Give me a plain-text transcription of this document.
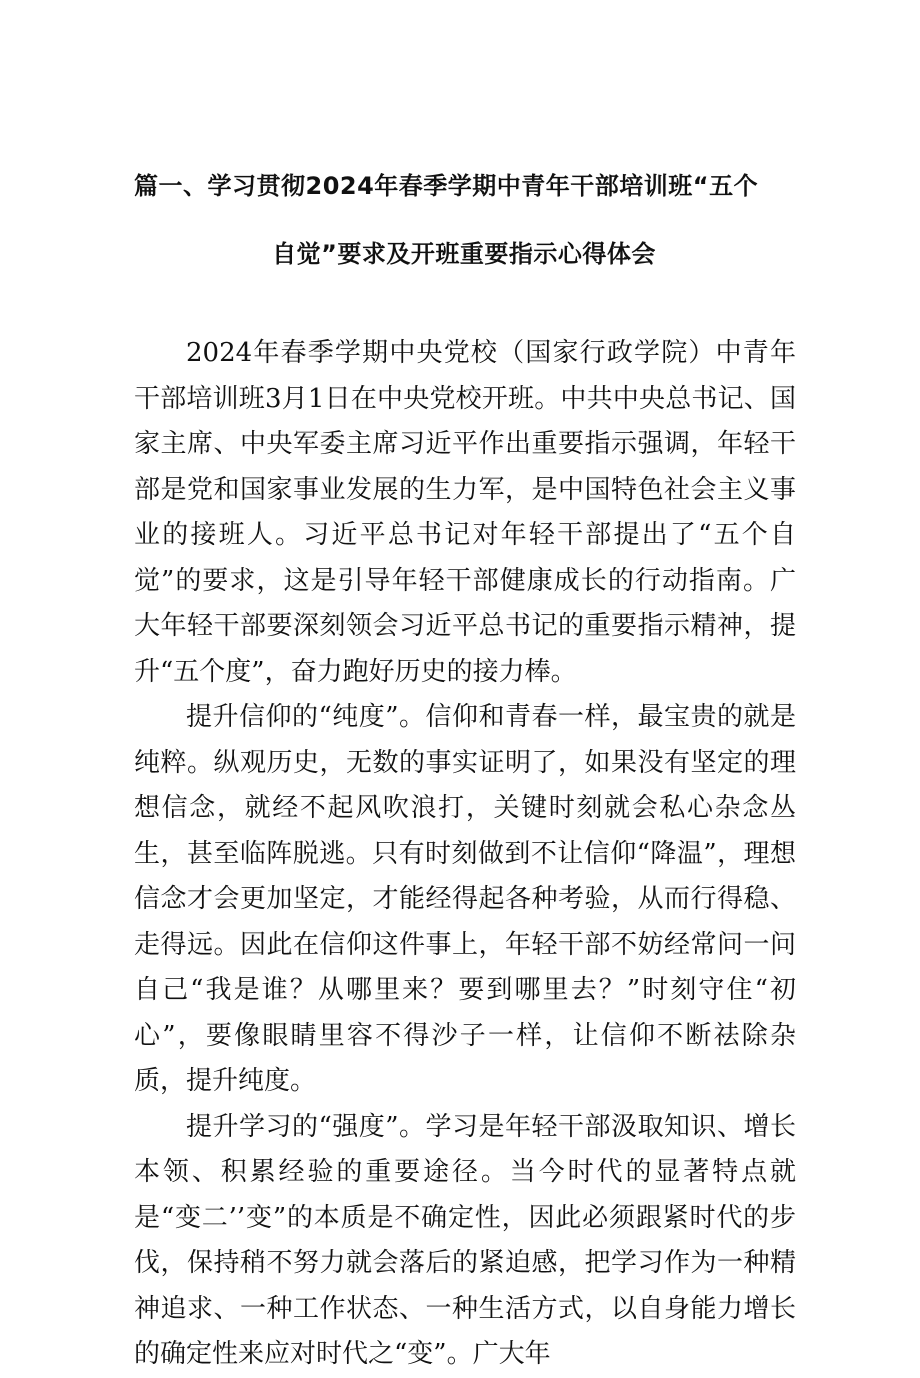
篇一、学习贯彻2024年春季学期中青年干部培训班“五个
自觉”要求及开班重要指示心得体会

2024年春季学期中央党校（国家行政学院）中青年干部培训班3月1日在中央党校开班。中共中央总书记、国家主席、中央军委主席习近平作出重要指示强调，年轻干部是党和国家事业发展的生力军，是中国特色社会主义事业的接班人。习近平总书记对年轻干部提出了“五个自觉”的要求，这是引导年轻干部健康成长的行动指南。广大年轻干部要深刻领会习近平总书记的重要指示精神，提升“五个度”，奋力跑好历史的接力棒。

提升信仰的“纯度”。信仰和青春一样，最宝贵的就是纯粹。纵观历史，无数的事实证明了，如果没有坚定的理想信念，就经不起风吹浪打，关键时刻就会私心杂念丛生，甚至临阵脱逃。只有时刻做到不让信仰“降温”，理想信念才会更加坚定，才能经得起各种考验，从而行得稳、走得远。因此在信仰这件事上，年轻干部不妨经常问一问自己“我是谁？从哪里来？要到哪里去？”时刻守住“初心”，要像眼睛里容不得沙子一样，让信仰不断祛除杂质，提升纯度。

提升学习的“强度”。学习是年轻干部汲取知识、增长本领、积累经验的重要途径。当今时代的显著特点就是“变二’’变”的本质是不确定性，因此必须跟紧时代的步伐，保持稍不努力就会落后的紧迫感，把学习作为一种精神追求、一种工作状态、一种生活方式，以自身能力增长的确定性来应对时代之“变”。广大年
